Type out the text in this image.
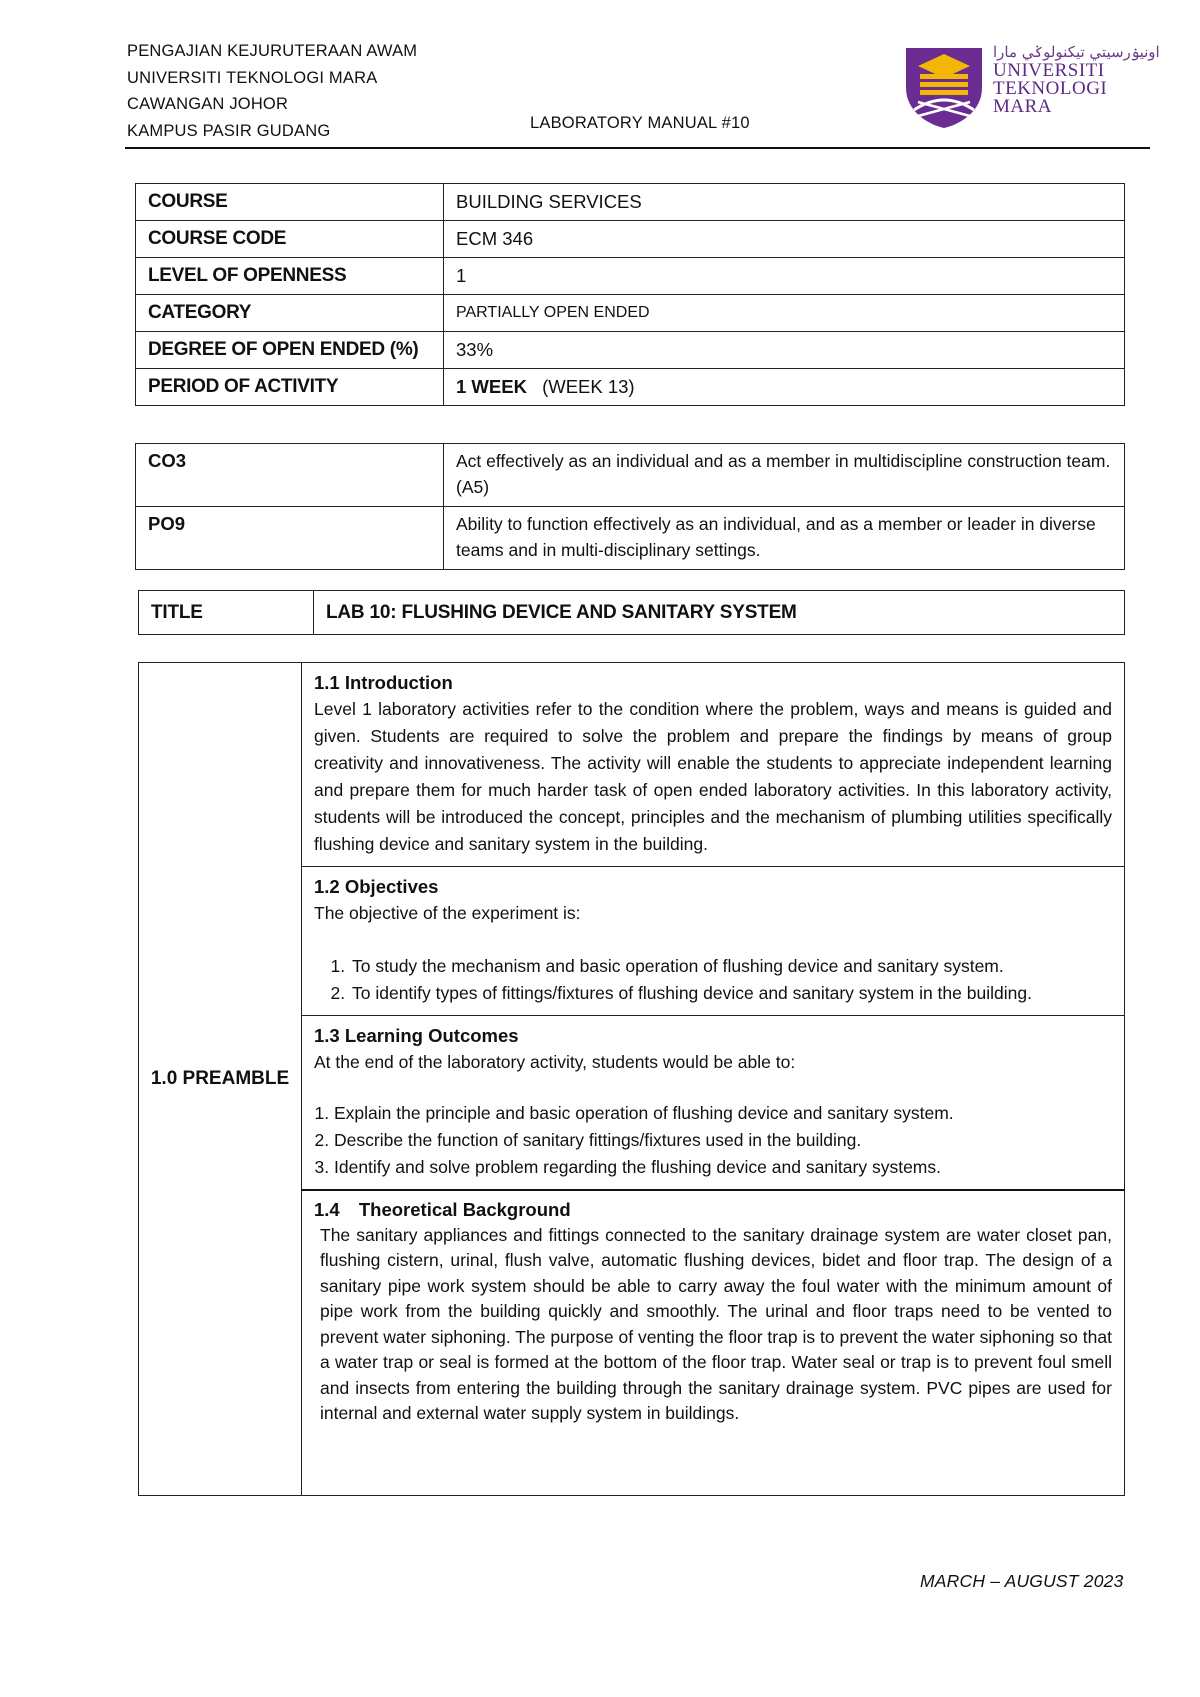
PENGAJIAN KEJURUTERAAN AWAM
UNIVERSITI TEKNOLOGI MARA
CAWANGAN JOHOR
KAMPUS PASIR GUDANG	LABORATORY MANUAL #10
اونيۏرسيتي تيكنولوݢي مارا
UNIVERSITI
TEKNOLOGI
MARA
COURSE	BUILDING SERVICES
COURSE CODE	ECM 346
LEVEL OF OPENNESS	1
CATEGORY	PARTIALLY OPEN ENDED
DEGREE OF OPEN ENDED (%)	33%
PERIOD OF ACTIVITY	1 WEEK (WEEK 13)
CO3	Act effectively as an individual and as a member in multidiscipline construction team. (A5)
PO9	Ability to function effectively as an individual, and as a member or leader in diverse teams and in multi-disciplinary settings.
TITLE	LAB 10: FLUSHING DEVICE AND SANITARY SYSTEM
1.0 PREAMBLE	
1.1 Introduction
Level 1 laboratory activities refer to the condition where the problem, ways and means is guided and given. Students are required to solve the problem and prepare the findings by means of group creativity and innovativeness. The activity will enable the students to appreciate independent learning and prepare them for much harder task of open ended laboratory activities. In this laboratory activity, students will be introduced the concept, principles and the mechanism of plumbing utilities specifically flushing device and sanitary system in the building.

1.2 Objectives
The objective of the experiment is:
1. To study the mechanism and basic operation of flushing device and sanitary system.
2. To identify types of fittings/fixtures of flushing device and sanitary system in the building.

1.3 Learning Outcomes
At the end of the laboratory activity, students would be able to:
1. Explain the principle and basic operation of flushing device and sanitary system.
2. Describe the function of sanitary fittings/fixtures used in the building.
3. Identify and solve problem regarding the flushing device and sanitary systems.

1.4 Theoretical Background
The sanitary appliances and fittings connected to the sanitary drainage system are water closet pan, flushing cistern, urinal, flush valve, automatic flushing devices, bidet and floor trap. The design of a sanitary pipe work system should be able to carry away the foul water with the minimum amount of pipe work from the building quickly and smoothly. The urinal and floor traps need to be vented to prevent water siphoning. The purpose of venting the floor trap is to prevent the water siphoning so that a water trap or seal is formed at the bottom of the floor trap. Water seal or trap is to prevent foul smell and insects from entering the building through the sanitary drainage system. PVC pipes are used for internal and external water supply system in buildings.
MARCH – AUGUST 2023
